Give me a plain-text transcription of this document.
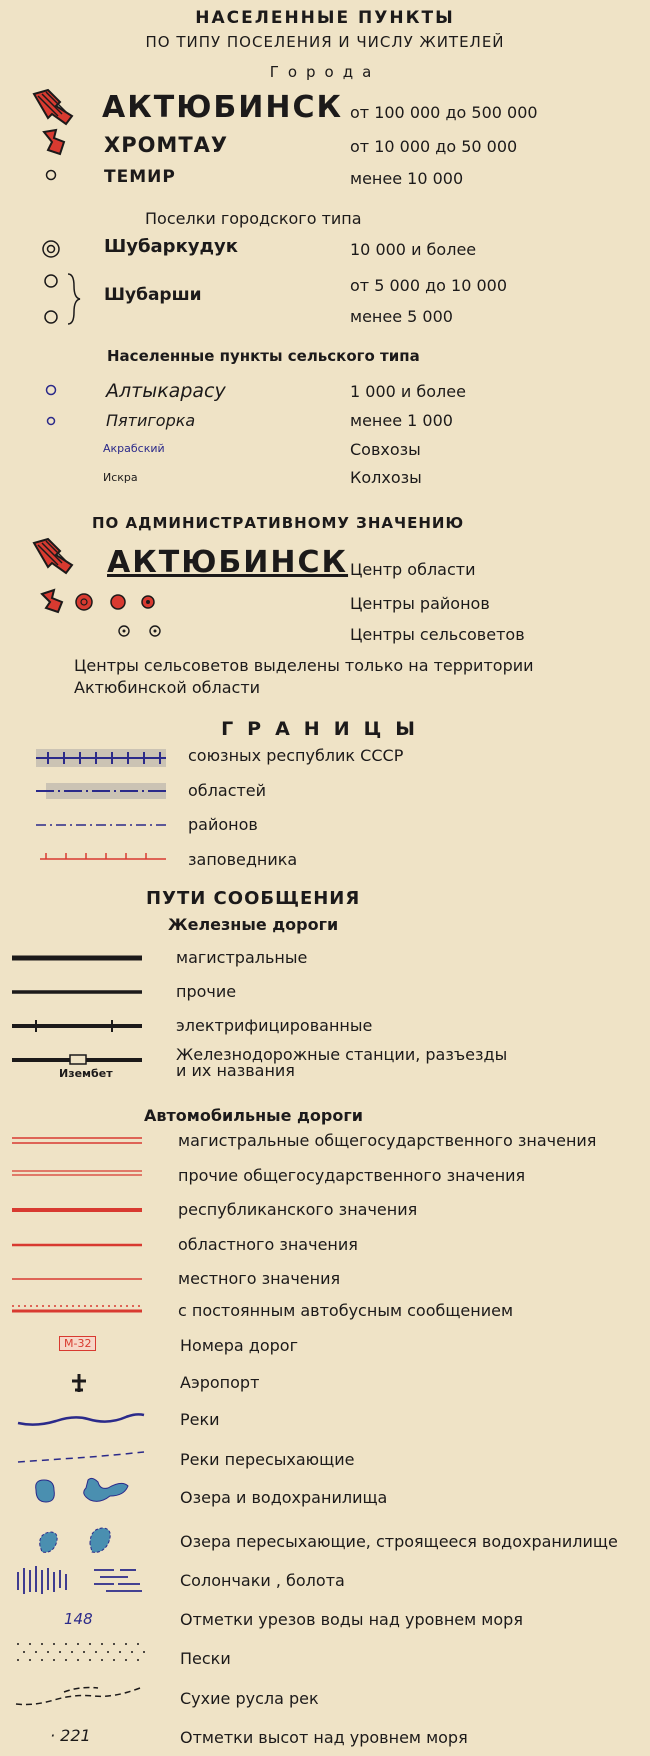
НАСЕЛЕННЫЕ ПУНКТЫ
ПО ТИПУ ПОСЕЛЕНИЯ И ЧИСЛУ ЖИТЕЛЕЙ
Города
АКТЮБИНСК от 100 000 до 500 000
ХРОМТАУ	от 10 000 до 50 000
ТЕМИР	менее 10 000
Поселки городского типа
Шубаркудук	10 000 и более
Шубарши	от 5 000 до 10 000
менее 5 000
Населенные пункты сельского типа
Алтыкарасу	1 000 и более
Пятигорка	менее 1 000
Акрабский	Совхозы
Искра	Колхозы
ПО АДМИНИСТРАТИВНОМУ ЗНАЧЕНИЮ
АКТЮБИНСК Центр области
Центры районов
Центры сельсоветов
Центры сельсоветов выделены только на территории
Актюбинской области
ГРАНИЦЫ
союзных республик СССР
областей
районов
заповедника
ПУТИ СООБЩЕНИЯ
Железные дороги
магистральные
прочие
электрифицированные
Железнодорожные станции, разъезды
и их названия
Изембет
Автомобильные дороги
магистральные общегосударственного значения
прочие общегосударственного значения
республиканского значения
областного значения
местного значения
с постоянным автобусным сообщением
М-32	Номера дорог
Аэропорт
Реки
Реки пересыхающие
Озера и водохранилища
Озера пересыхающие, строящееся водохранилище
Солончаки , болота
148	Отметки урезов воды над уровнем моря
Пески
Сухие русла рек
· 221	Отметки высот над уровнем моря
